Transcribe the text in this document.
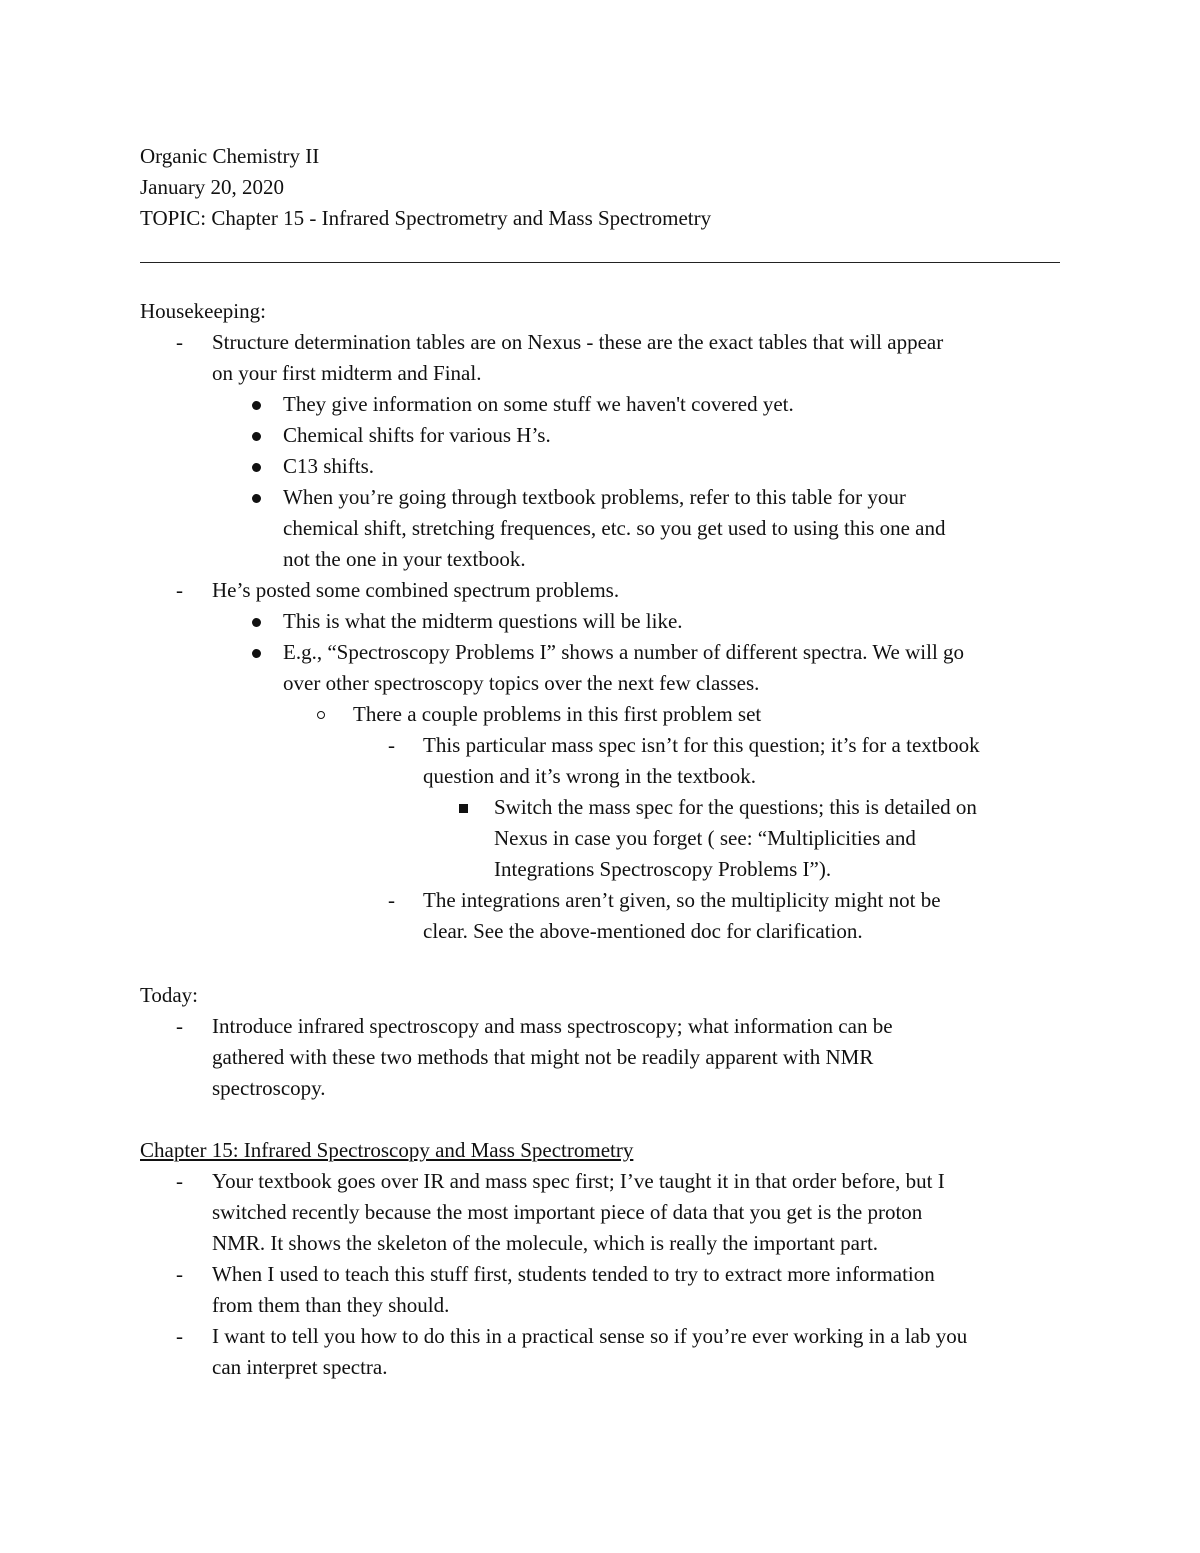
Organic Chemistry II
January 20, 2020
TOPIC: Chapter 15 - Infrared Spectrometry and Mass Spectrometry
Housekeeping:
-	Structure determination tables are on Nexus - these are the exact tables that will appear
on your first midterm and Final.
They give information on some stuff we haven't covered yet.
Chemical shifts for various H’s.
C13 shifts.
When you’re going through textbook problems, refer to this table for your
chemical shift, stretching frequences, etc. so you get used to using this one and
not the one in your textbook.
-	He’s posted some combined spectrum problems.
This is what the midterm questions will be like.
E.g., “Spectroscopy Problems I” shows a number of different spectra. We will go
over other spectroscopy topics over the next few classes.
There a couple problems in this first problem set
-	This particular mass spec isn’t for this question; it’s for a textbook
question and it’s wrong in the textbook.
Switch the mass spec for the questions; this is detailed on
Nexus in case you forget ( see: “Multiplicities and
Integrations Spectroscopy Problems I”).
-	The integrations aren’t given, so the multiplicity might not be
clear. See the above-mentioned doc for clarification.
Today:
-	Introduce infrared spectroscopy and mass spectroscopy; what information can be
gathered with these two methods that might not be readily apparent with NMR
spectroscopy.
Chapter 15: Infrared Spectroscopy and Mass Spectrometry
-	Your textbook goes over IR and mass spec first; I’ve taught it in that order before, but I
switched recently because the most important piece of data that you get is the proton
NMR. It shows the skeleton of the molecule, which is really the important part.
-	When I used to teach this stuff first, students tended to try to extract more information
from them than they should.
-	I want to tell you how to do this in a practical sense so if you’re ever working in a lab you
can interpret spectra.
